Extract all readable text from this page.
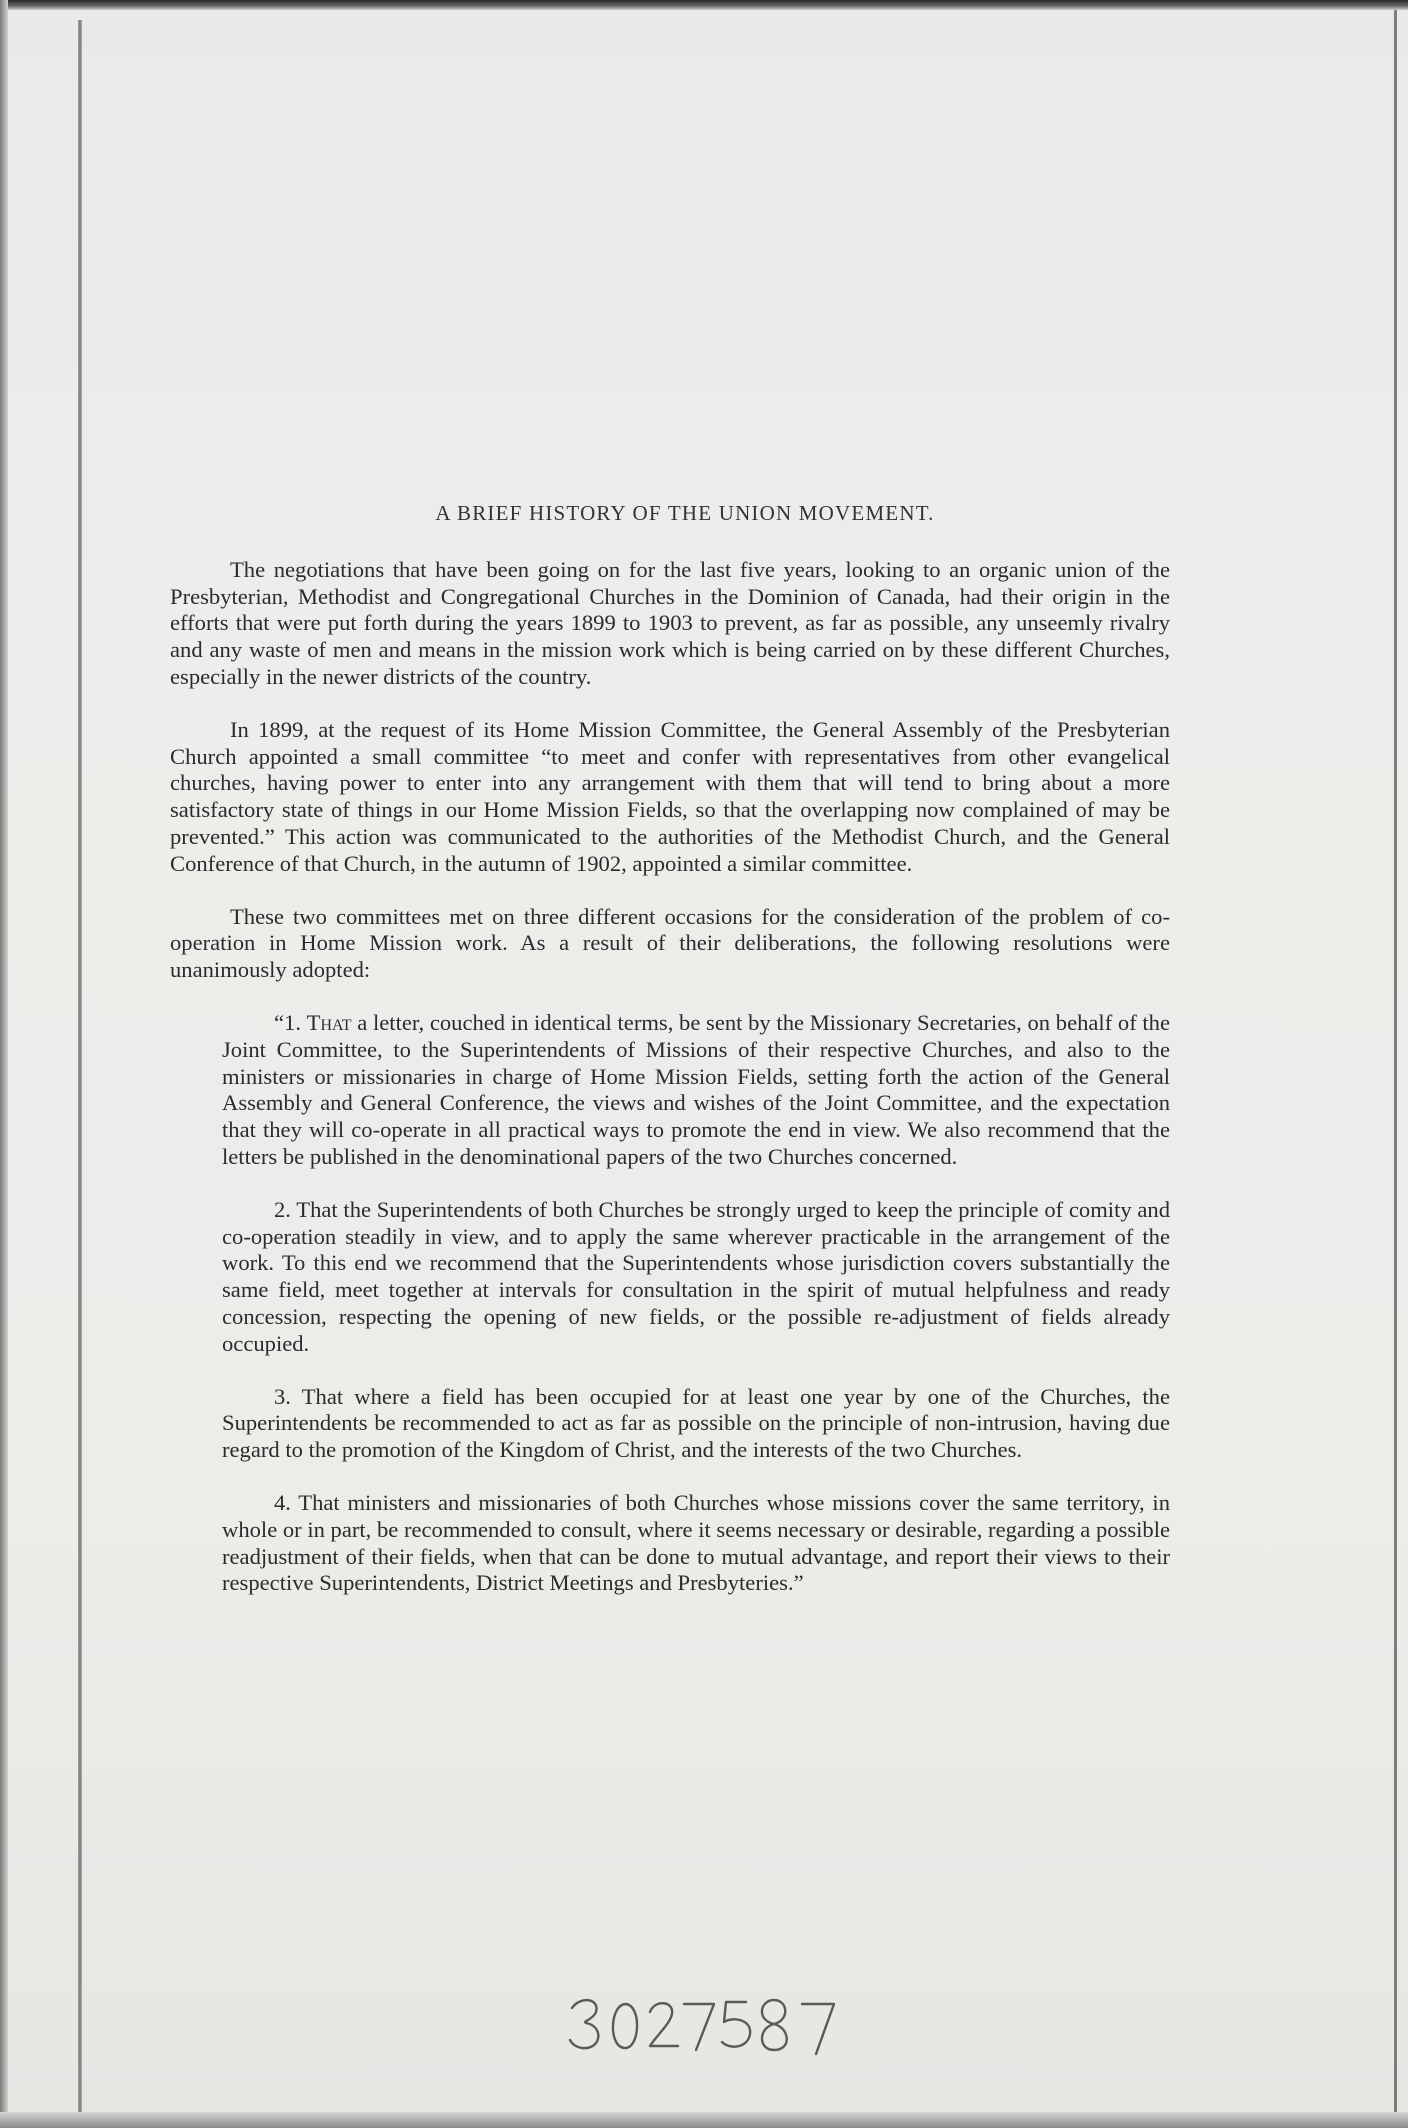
A BRIEF HISTORY OF THE UNION MOVEMENT.

The negotiations that have been going on for the last five years, looking to an organic union of the Presbyterian, Methodist and Congregational Churches in the Dominion of Canada, had their origin in the efforts that were put forth during the years 1899 to 1903 to prevent, as far as possible, any unseemly rivalry and any waste of men and means in the mission work which is being carried on by these different Churches, especially in the newer districts of the country.

In 1899, at the request of its Home Mission Committee, the General Assembly of the Presbyterian Church appointed a small committee “to meet and confer with representatives from other evangelical churches, having power to enter into any arrangement with them that will tend to bring about a more satisfactory state of things in our Home Mission Fields, so that the overlapping now complained of may be prevented.” This action was communicated to the authorities of the Methodist Church, and the General Conference of that Church, in the autumn of 1902, appointed a similar committee.

These two committees met on three different occasions for the consideration of the problem of co-operation in Home Mission work. As a result of their deliberations, the following resolutions were unanimously adopted:

“1. That a letter, couched in identical terms, be sent by the Missionary Secretaries, on behalf of the Joint Committee, to the Superintendents of Missions of their respective Churches, and also to the ministers or missionaries in charge of Home Mission Fields, setting forth the action of the General Assembly and General Conference, the views and wishes of the Joint Committee, and the expectation that they will co-operate in all practical ways to promote the end in view. We also recommend that the letters be published in the denominational papers of the two Churches concerned.

2. That the Superintendents of both Churches be strongly urged to keep the principle of comity and co-operation steadily in view, and to apply the same wherever practicable in the arrangement of the work. To this end we recommend that the Superintendents whose jurisdiction covers substantially the same field, meet together at intervals for consultation in the spirit of mutual helpfulness and ready concession, respecting the opening of new fields, or the possible re-adjustment of fields already occupied.

3. That where a field has been occupied for at least one year by one of the Churches, the Superintendents be recommended to act as far as possible on the principle of non-intrusion, having due regard to the promotion of the Kingdom of Christ, and the interests of the two Churches.

4. That ministers and missionaries of both Churches whose missions cover the same territory, in whole or in part, be recommended to consult, where it seems necessary or desirable, regarding a possible readjustment of their fields, when that can be done to mutual advantage, and report their views to their respective Superintendents, District Meetings and Presbyteries.”
